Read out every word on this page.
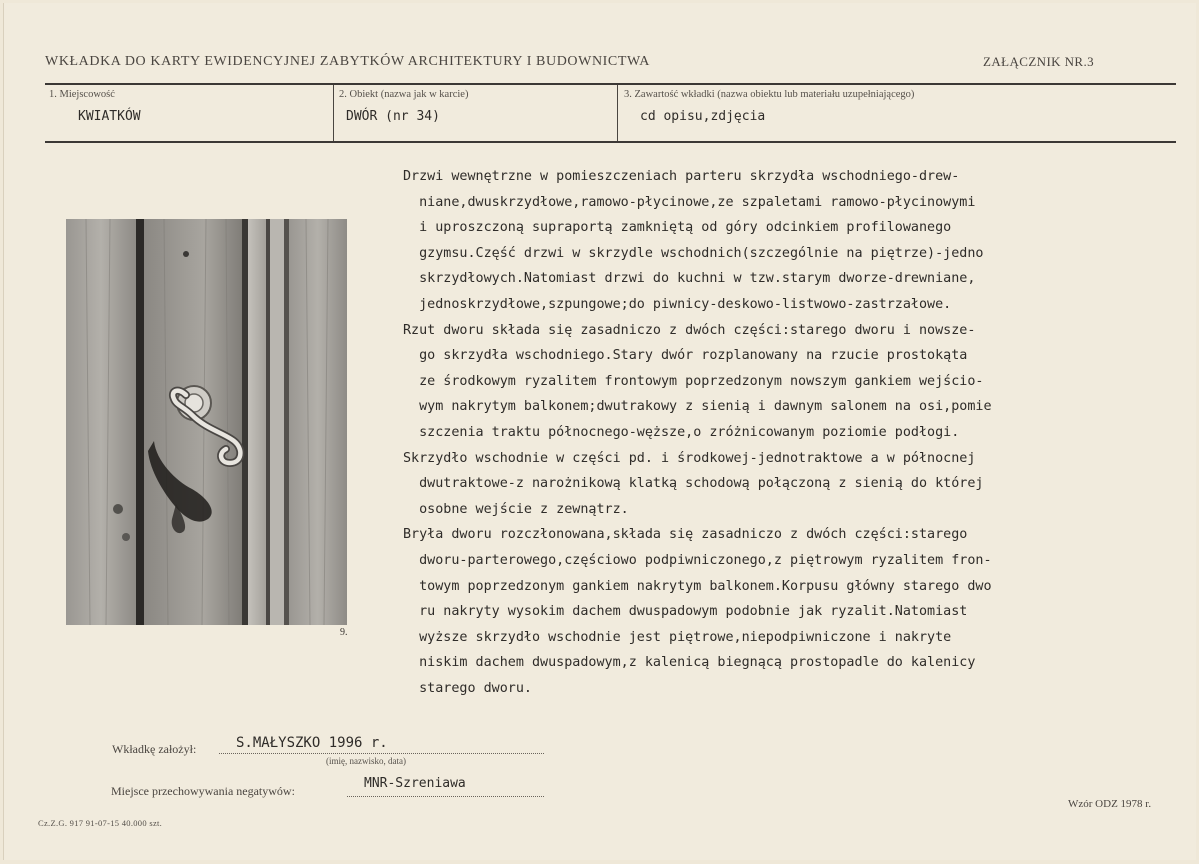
WKŁADKA DO KARTY EWIDENCYJNEJ ZABYTKÓW ARCHITEKTURY I BUDOWNICTWA	ZAŁĄCZNIK NR.3
1. Miejscowość
KWIATKÓW
2. Obiekt (nazwa jak w karcie)
DWÓR (nr 34)
3. Zawartość wkładki (nazwa obiektu lub materiału uzupełniającego)
cd opisu,zdjęcia
9.
Drzwi wewnętrzne w pomieszczeniach parteru skrzydła wschodniego-drew-
niane,dwuskrzydłowe,ramowo-płycinowe,ze szpaletami ramowo-płycinowymi
i uproszczoną supraportą zamkniętą od góry odcinkiem profilowanego
gzymsu.Część drzwi w skrzydle wschodnich(szczególnie na piętrze)-jedno
skrzydłowych.Natomiast drzwi do kuchni w tzw.starym dworze-drewniane,
jednoskrzydłowe,szpungowe;do piwnicy-deskowo-listwowo-zastrzałowe.
Rzut dworu składa się zasadniczo z dwóch części:starego dworu i nowsze-
go skrzydła wschodniego.Stary dwór rozplanowany na rzucie prostokąta
ze środkowym ryzalitem frontowym poprzedzonym nowszym gankiem wejścio-
wym nakrytym balkonem;dwutrakowy z sienią i dawnym salonem na osi,pomie
szczenia traktu północnego-węższe,o zróżnicowanym poziomie podłogi.
Skrzydło wschodnie w części pd. i środkowej-jednotraktowe a w północnej
dwutraktowe-z narożnikową klatką schodową połączoną z sienią do której
osobne wejście z zewnątrz.
Bryła dworu rozczłonowana,składa się zasadniczo z dwóch części:starego
dworu-parterowego,częściowo podpiwniczonego,z piętrowym ryzalitem fron-
towym poprzedzonym gankiem nakrytym balkonem.Korpusu główny starego dwo
ru nakryty wysokim dachem dwuspadowym podobnie jak ryzalit.Natomiast
wyższe skrzydło wschodnie jest piętrowe,niepodpiwniczone i nakryte
niskim dachem dwuspadowym,z kalenicą biegnącą prostopadle do kalenicy
starego dworu.
Wkładkę założył:	S.MAŁYSZKO 1996 r.
(imię, nazwisko, data)
Miejsce przechowywania negatywów:	MNR-Szreniawa
Wzór ODZ 1978 r.
Cz.Z.G. 917 91-07-15 40.000 szt.
